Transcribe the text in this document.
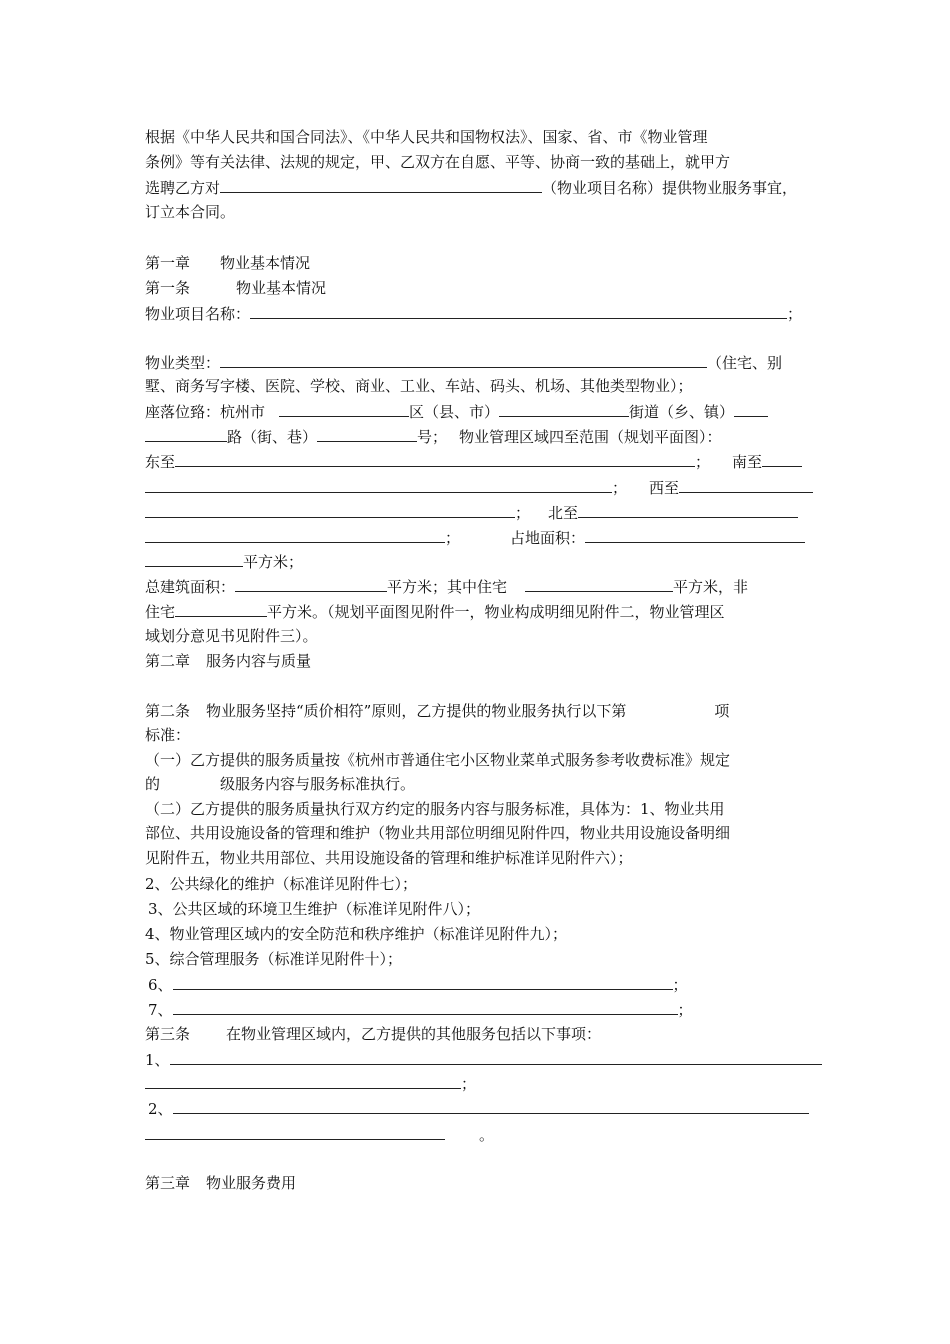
根据《中华人民共和国合同法》、《中华人民共和国物权法》、国家、省、市《物业管理
条例》等有关法律、法规的规定，甲、乙双方在自愿、平等、协商一致的基础上，就甲方
选聘乙方对	（物业项目名称）提供物业服务事宜，
订立本合同。
第一章 物业基本情况
第一条	物业基本情况
物业项目名称：	；
物业类型：	（住宅、别
墅、商务写字楼、医院、学校、商业、工业、车站、码头、机场、其他类型物业）；
座落位臵：杭州市	区（县、市）	街道（乡、镇）
路（街、巷）	号； 物业管理区域四至范围（规划平面图）：
东至	； 南至
； 西至
； 北至
；	占地面积：
平方米；
总建筑面积：	平方米；其中住宅	平方米，非
住宅	平方米。（规划平面图见附件一，物业构成明细见附件二，物业管理区
域划分意见书见附件三）。
第二章 服务内容与质量
第二条 物业服务坚持“质价相符”原则，乙方提供的物业服务执行以下第	项
标准：
（一）乙方提供的服务质量按《杭州市普通住宅小区物业菜单式服务参考收费标准》规定
的	级服务内容与服务标准执行。
（二）乙方提供的服务质量执行双方约定的服务内容与服务标准，具体为：1、物业共用
部位、共用设施设备的管理和维护（物业共用部位明细见附件四，物业共用设施设备明细
见附件五，物业共用部位、共用设施设备的管理和维护标准详见附件六）；
2、公共绿化的维护（标准详见附件七）；
3、公共区域的环境卫生维护（标准详见附件八）；
4、物业管理区域内的安全防范和秩序维护（标准详见附件九）；
5、综合管理服务（标准详见附件十）；
6、	；
7、	；
第三条 在物业管理区域内，乙方提供的其他服务包括以下事项：
1、
；
2、
。
第三章 物业服务费用
